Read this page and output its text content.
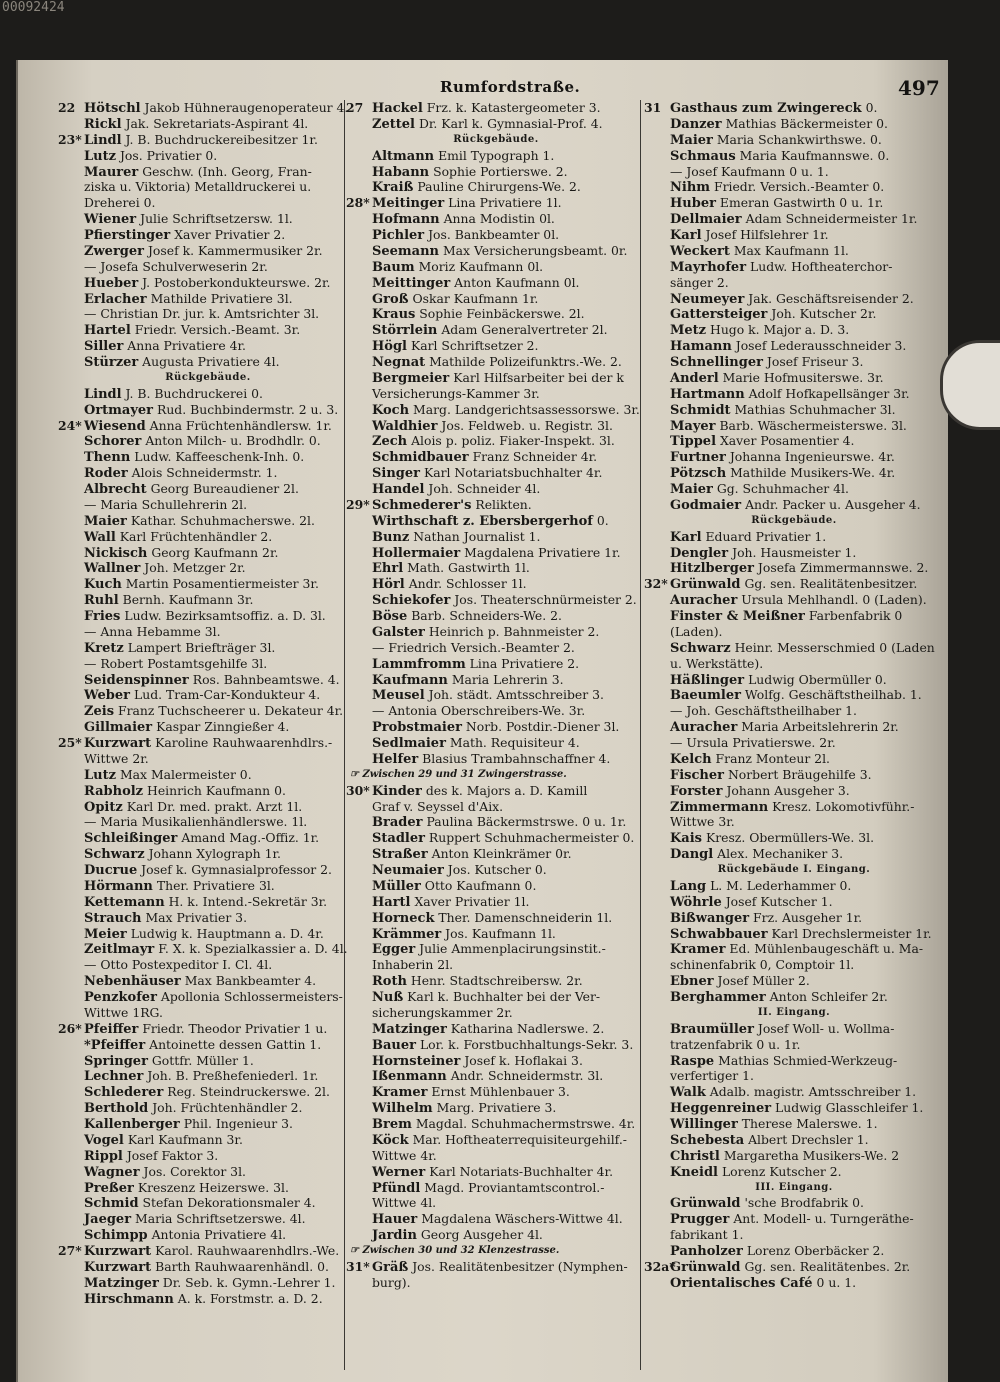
00092424
Rumfordstraße.	497
22 Hötschl Jakob Hühneraugenoperateur 4.
Rickl Jak. Sekretariats-Aspirant 4l.
23* Lindl J. B. Buchdruckereibesitzer 1r.
Lutz Jos. Privatier 0.
Maurer Geschw. (Inh. Georg, Fran-
ziska u. Viktoria) Metalldruckerei u.
Dreherei 0.
Wiener Julie Schriftsetzersw. 1l.
Pfierstinger Xaver Privatier 2.
Zwerger Josef k. Kammermusiker 2r.
— Josefa Schulverweserin 2r.
Hueber J. Postoberkondukteurswe. 2r.
Erlacher Mathilde Privatiere 3l.
— Christian Dr. jur. k. Amtsrichter 3l.
Hartel Friedr. Versich.-Beamt. 3r.
Siller Anna Privatiere 4r.
Stürzer Augusta Privatiere 4l.
Rückgebäude.
Lindl J. B. Buchdruckerei 0.
Ortmayer Rud. Buchbindermstr. 2 u. 3.
24* Wiesend Anna Früchtenhändlersw. 1r.
Schorer Anton Milch- u. Brodhdlr. 0.
Thenn Ludw. Kaffeeschenk-Inh. 0.
Roder Alois Schneidermstr. 1.
Albrecht Georg Bureaudiener 2l.
— Maria Schullehrerin 2l.
Maier Kathar. Schuhmacherswe. 2l.
Wall Karl Früchtenhändler 2.
Nickisch Georg Kaufmann 2r.
Wallner Joh. Metzger 2r.
Kuch Martin Posamentiermeister 3r.
Ruhl Bernh. Kaufmann 3r.
Fries Ludw. Bezirksamtsoffiz. a. D. 3l.
— Anna Hebamme 3l.
Kretz Lampert Briefträger 3l.
— Robert Postamtsgehilfe 3l.
Seidenspinner Ros. Bahnbeamtswe. 4.
Weber Lud. Tram-Car-Kondukteur 4.
Zeis Franz Tuchscheerer u. Dekateur 4r.
Gillmaier Kaspar Zinngießer 4.
25* Kurzwart Karoline Rauhwaarenhdlrs.-
Wittwe 2r.
Lutz Max Malermeister 0.
Rabholz Heinrich Kaufmann 0.
Opitz Karl Dr. med. prakt. Arzt 1l.
— Maria Musikalienhändlerswe. 1l.
Schleißinger Amand Mag.-Offiz. 1r.
Schwarz Johann Xylograph 1r.
Ducrue Josef k. Gymnasialprofessor 2.
Hörmann Ther. Privatiere 3l.
Kettemann H. k. Intend.-Sekretär 3r.
Strauch Max Privatier 3.
Meier Ludwig k. Hauptmann a. D. 4r.
Zeitlmayr F. X. k. Spezialkassier a. D. 4l.
— Otto Postexpeditor I. Cl. 4l.
Nebenhäuser Max Bankbeamter 4.
Penzkofer Apollonia Schlossermeisters-
Wittwe 1RG.
26* Pfeiffer Friedr. Theodor Privatier 1 u.
*Pfeiffer Antoinette dessen Gattin 1.
Springer Gottfr. Müller 1.
Lechner Joh. B. Preßhefeniederl. 1r.
Schlederer Reg. Steindruckerswe. 2l.
Berthold Joh. Früchtenhändler 2.
Kallenberger Phil. Ingenieur 3.
Vogel Karl Kaufmann 3r.
Rippl Josef Faktor 3.
Wagner Jos. Corektor 3l.
Preßer Kreszenz Heizerswe. 3l.
Schmid Stefan Dekorationsmaler 4.
Jaeger Maria Schriftsetzerswe. 4l.
Schimpp Antonia Privatiere 4l.
27* Kurzwart Karol. Rauhwaarenhdlrs.-We.
Kurzwart Barth Rauhwaarenhändl. 0.
Matzinger Dr. Seb. k. Gymn.-Lehrer 1.
Hirschmann A. k. Forstmstr. a. D. 2.
27 Hackel Frz. k. Katastergeometer 3.
Zettel Dr. Karl k. Gymnasial-Prof. 4.
Rückgebäude.
Altmann Emil Typograph 1.
Habann Sophie Portierswe. 2.
Kraiß Pauline Chirurgens-We. 2.
28* Meitinger Lina Privatiere 1l.
Hofmann Anna Modistin 0l.
Pichler Jos. Bankbeamter 0l.
Seemann Max Versicherungsbeamt. 0r.
Baum Moriz Kaufmann 0l.
Meittinger Anton Kaufmann 0l.
Groß Oskar Kaufmann 1r.
Kraus Sophie Feinbäckerswe. 2l.
Störrlein Adam Generalvertreter 2l.
Högl Karl Schriftsetzer 2.
Negnat Mathilde Polizeifunktrs.-We. 2.
Bergmeier Karl Hilfsarbeiter bei der k
Versicherungs-Kammer 3r.
Koch Marg. Landgerichtsassessorswe. 3r.
Waldhier Jos. Feldweb. u. Registr. 3l.
Zech Alois p. poliz. Fiaker-Inspekt. 3l.
Schmidbauer Franz Schneider 4r.
Singer Karl Notariatsbuchhalter 4r.
Handel Joh. Schneider 4l.
29* Schmederer's Relikten.
Wirthschaft z. Ebersbergerhof 0.
Bunz Nathan Journalist 1.
Hollermaier Magdalena Privatiere 1r.
Ehrl Math. Gastwirth 1l.
Hörl Andr. Schlosser 1l.
Schiekofer Jos. Theaterschnürmeister 2.
Böse Barb. Schneiders-We. 2.
Galster Heinrich p. Bahnmeister 2.
— Friedrich Versich.-Beamter 2.
Lammfromm Lina Privatiere 2.
Kaufmann Maria Lehrerin 3.
Meusel Joh. städt. Amtsschreiber 3.
— Antonia Oberschreibers-We. 3r.
Probstmaier Norb. Postdir.-Diener 3l.
Sedlmaier Math. Requisiteur 4.
Helfer Blasius Trambahnschaffner 4.
☞ Zwischen 29 und 31 Zwingerstrasse.
30* Kinder des k. Majors a. D. Kamill
Graf v. Seyssel d'Aix.
Brader Paulina Bäckermstrswe. 0 u. 1r.
Stadler Ruppert Schuhmachermeister 0.
Straßer Anton Kleinkrämer 0r.
Neumaier Jos. Kutscher 0.
Müller Otto Kaufmann 0.
Hartl Xaver Privatier 1l.
Horneck Ther. Damenschneiderin 1l.
Krämmer Jos. Kaufmann 1l.
Egger Julie Ammenplacirungsinstit.-
Inhaberin 2l.
Roth Henr. Stadtschreibersw. 2r.
Nuß Karl k. Buchhalter bei der Ver-
sicherungskammer 2r.
Matzinger Katharina Nadlerswe. 2.
Bauer Lor. k. Forstbuchhaltungs-Sekr. 3.
Hornsteiner Josef k. Hoflakai 3.
Ißenmann Andr. Schneidermstr. 3l.
Kramer Ernst Mühlenbauer 3.
Wilhelm Marg. Privatiere 3.
Brem Magdal. Schuhmachermstrswe. 4r.
Köck Mar. Hoftheaterrequisiteurgehilf.-
Wittwe 4r.
Werner Karl Notariats-Buchhalter 4r.
Pfündl Magd. Proviantamtscontrol.-
Wittwe 4l.
Hauer Magdalena Wäschers-Wittwe 4l.
Jardin Georg Ausgeher 4l.
☞ Zwischen 30 und 32 Klenzestrasse.
31* Gräß Jos. Realitätenbesitzer (Nymphen-
burg).
31 Gasthaus zum Zwingereck 0.
Danzer Mathias Bäckermeister 0.
Maier Maria Schankwirthswe. 0.
Schmaus Maria Kaufmannswe. 0.
— Josef Kaufmann 0 u. 1.
Nihm Friedr. Versich.-Beamter 0.
Huber Emeran Gastwirth 0 u. 1r.
Dellmaier Adam Schneidermeister 1r.
Karl Josef Hilfslehrer 1r.
Weckert Max Kaufmann 1l.
Mayrhofer Ludw. Hoftheaterchor-
sänger 2.
Neumeyer Jak. Geschäftsreisender 2.
Gattersteiger Joh. Kutscher 2r.
Metz Hugo k. Major a. D. 3.
Hamann Josef Lederausschneider 3.
Schnellinger Josef Friseur 3.
Anderl Marie Hofmusiterswe. 3r.
Hartmann Adolf Hofkapellsänger 3r.
Schmidt Mathias Schuhmacher 3l.
Mayer Barb. Wäschermeisterswe. 3l.
Tippel Xaver Posamentier 4.
Furtner Johanna Ingenieurswe. 4r.
Pötzsch Mathilde Musikers-We. 4r.
Maier Gg. Schuhmacher 4l.
Godmaier Andr. Packer u. Ausgeher 4.
Rückgebäude.
Karl Eduard Privatier 1.
Dengler Joh. Hausmeister 1.
Hitzlberger Josefa Zimmermannswe. 2.
32* Grünwald Gg. sen. Realitätenbesitzer.
Auracher Ursula Mehlhandl. 0 (Laden).
Finster & Meißner Farbenfabrik 0
(Laden).
Schwarz Heinr. Messerschmied 0 (Laden
u. Werkstätte).
Häßlinger Ludwig Obermüller 0.
Baeumler Wolfg. Geschäftstheilhab. 1.
— Joh. Geschäftstheilhaber 1.
Auracher Maria Arbeitslehrerin 2r.
— Ursula Privatierswe. 2r.
Kelch Franz Monteur 2l.
Fischer Norbert Bräugehilfe 3.
Forster Johann Ausgeher 3.
Zimmermann Kresz. Lokomotivführ.-
Wittwe 3r.
Kais Kresz. Obermüllers-We. 3l.
Dangl Alex. Mechaniker 3.
Rückgebäude I. Eingang.
Lang L. M. Lederhammer 0.
Wöhrle Josef Kutscher 1.
Bißwanger Frz. Ausgeher 1r.
Schwabbauer Karl Drechslermeister 1r.
Kramer Ed. Mühlenbaugeschäft u. Ma-
schinenfabrik 0, Comptoir 1l.
Ebner Josef Müller 2.
Berghammer Anton Schleifer 2r.
II. Eingang.
Braumüller Josef Woll- u. Wollma-
tratzenfabrik 0 u. 1r.
Raspe Mathias Schmied-Werkzeug-
verfertiger 1.
Walk Adalb. magistr. Amtsschreiber 1.
Heggenreiner Ludwig Glasschleifer 1.
Willinger Therese Malerswe. 1.
Schebesta Albert Drechsler 1.
Christl Margaretha Musikers-We. 2
Kneidl Lorenz Kutscher 2.
III. Eingang.
Grünwald 'sche Brodfabrik 0.
Prugger Ant. Modell- u. Turngeräthe-
fabrikant 1.
Panholzer Lorenz Oberbäcker 2.
32a*Grünwald Gg. sen. Realitätenbes. 2r.
Orientalisches Café 0 u. 1.
